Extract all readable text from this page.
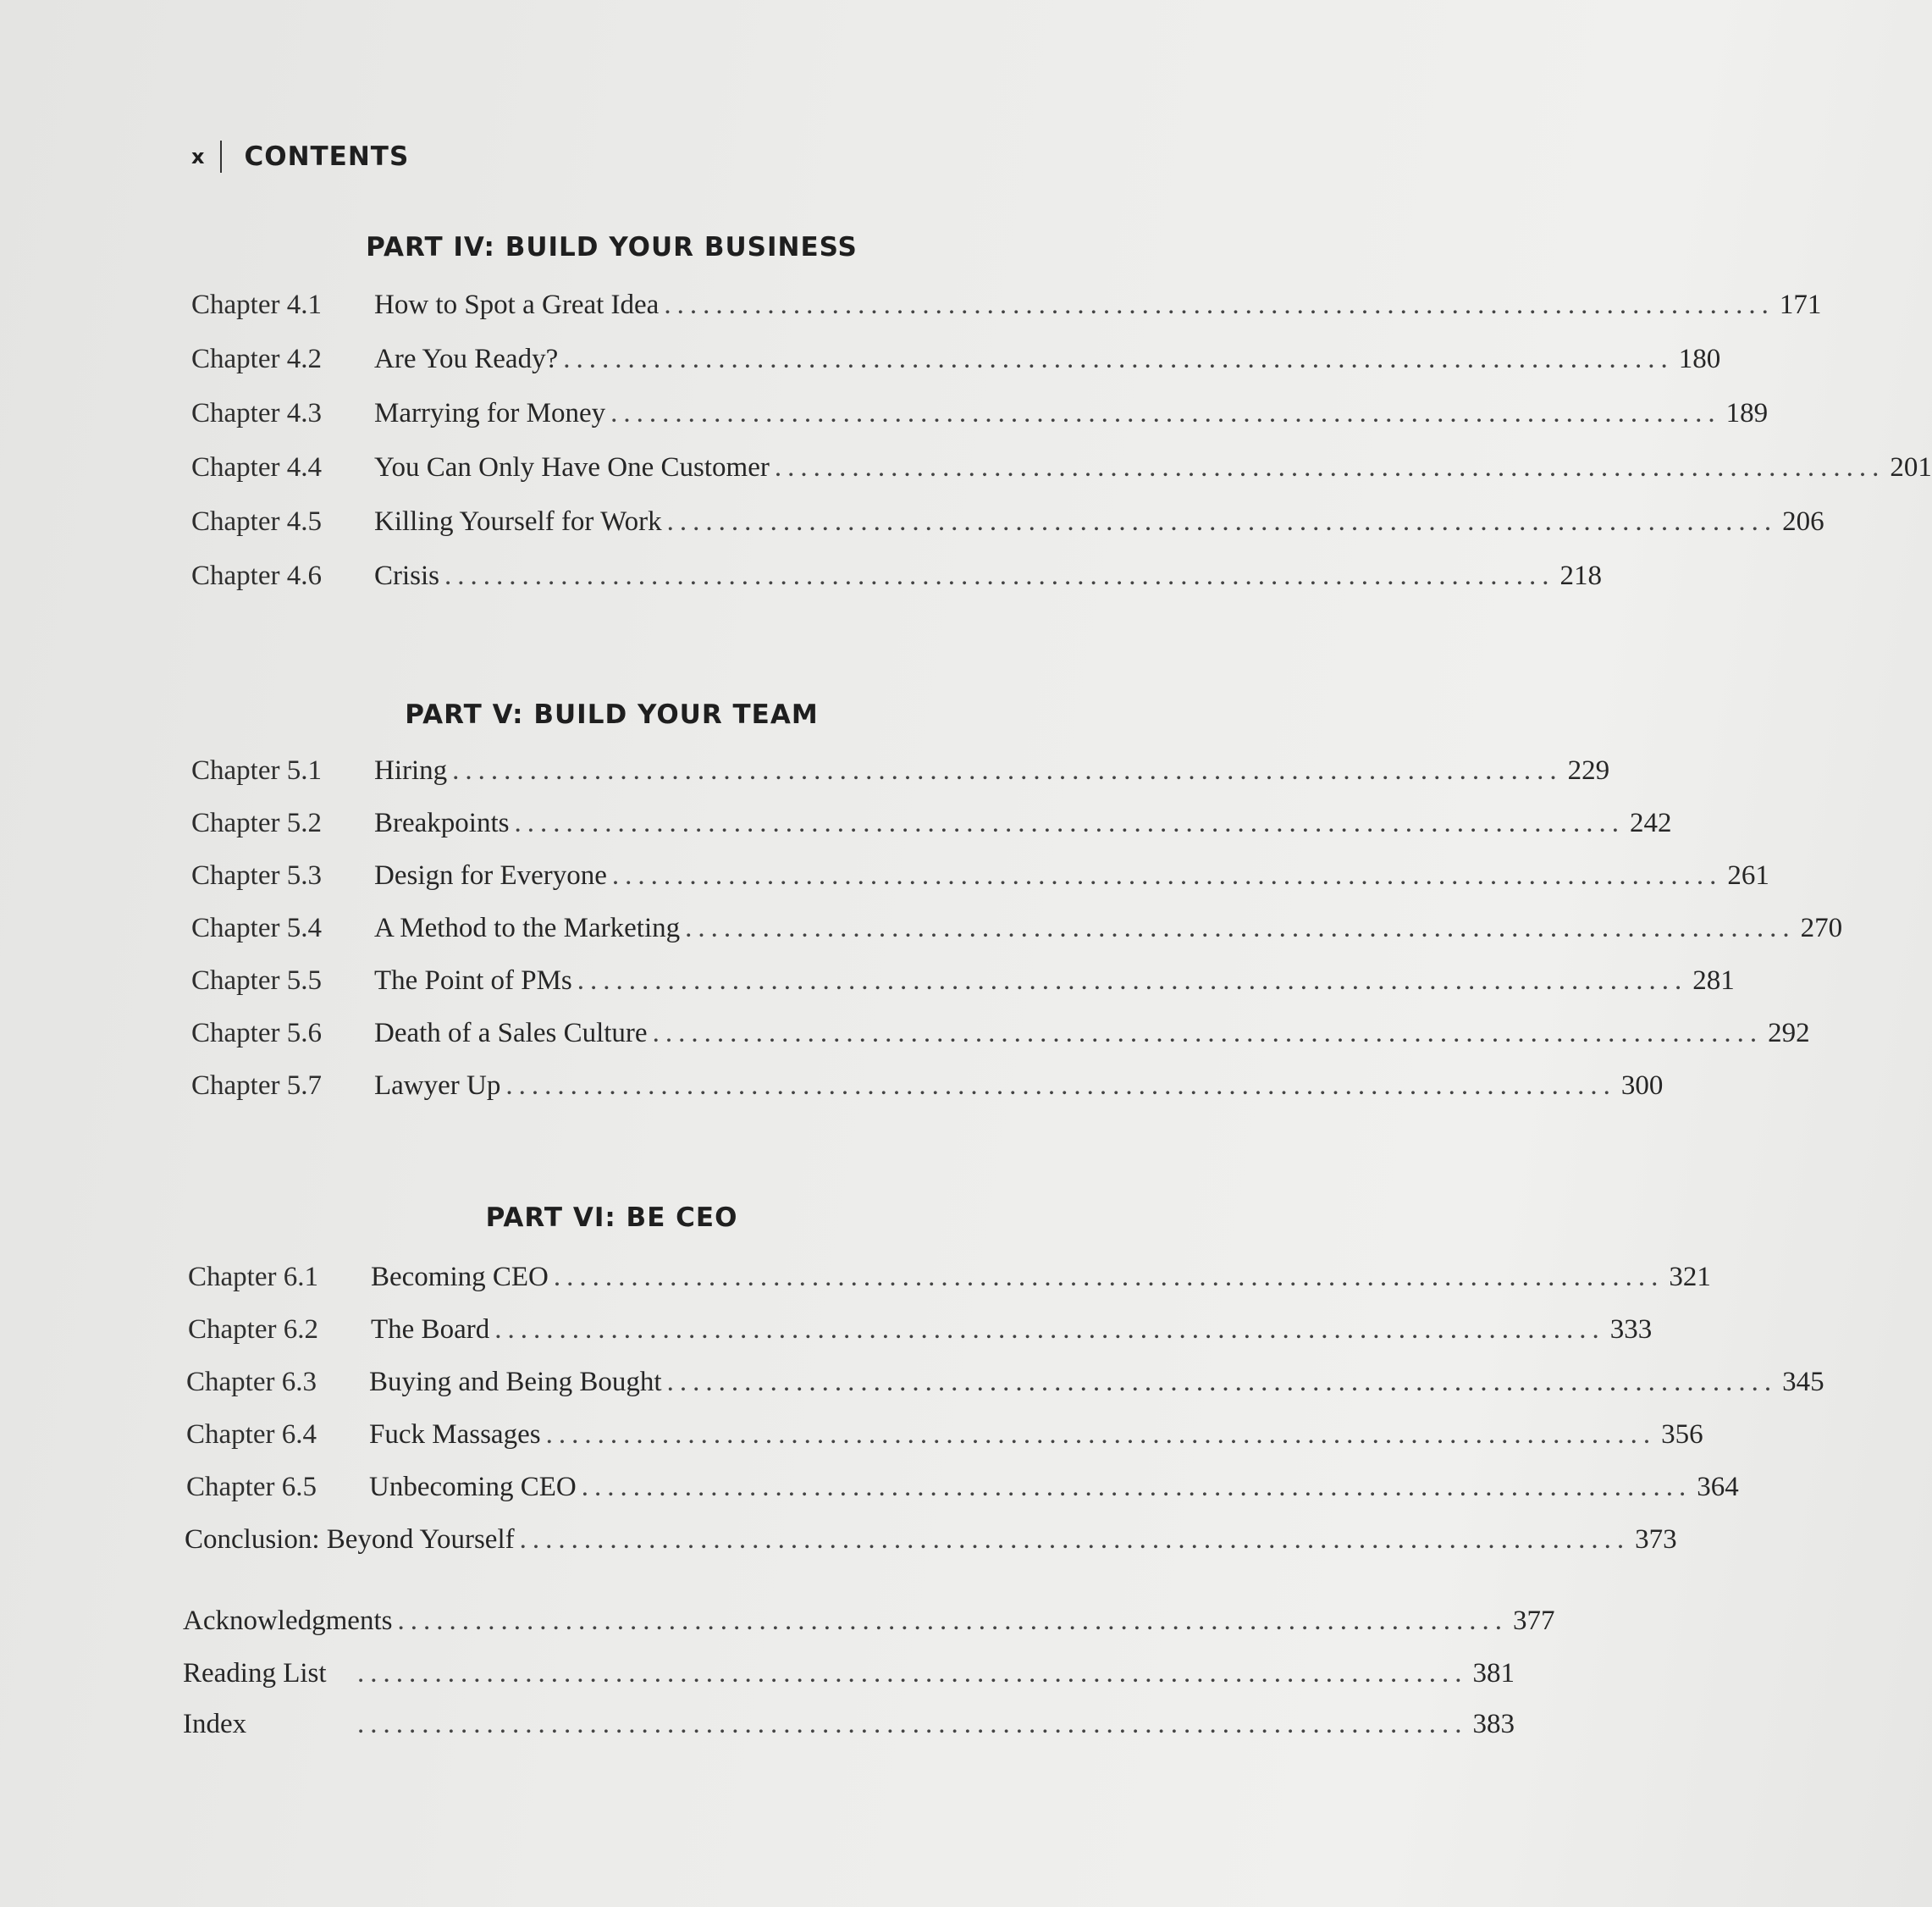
x CONTENTS
PART IV: BUILD YOUR BUSINESS
Chapter 4.1	How to Spot a Great Idea ...................................................................................... 171
Chapter 4.2	Are You Ready? ...................................................................................... 180
Chapter 4.3	Marrying for Money ...................................................................................... 189
Chapter 4.4	You Can Only Have One Customer ...................................................................................... 201
Chapter 4.5	Killing Yourself for Work ...................................................................................... 206
Chapter 4.6	Crisis ...................................................................................... 218
PART V: BUILD YOUR TEAM
Chapter 5.1	Hiring ...................................................................................... 229
Chapter 5.2	Breakpoints ...................................................................................... 242
Chapter 5.3	Design for Everyone ...................................................................................... 261
Chapter 5.4	A Method to the Marketing ...................................................................................... 270
Chapter 5.5	The Point of PMs ...................................................................................... 281
Chapter 5.6	Death of a Sales Culture ...................................................................................... 292
Chapter 5.7	Lawyer Up ...................................................................................... 300
PART VI: BE CEO
Chapter 6.1	Becoming CEO ...................................................................................... 321
Chapter 6.2	The Board ...................................................................................... 333
Chapter 6.3	Buying and Being Bought ...................................................................................... 345
Chapter 6.4	Fuck Massages ...................................................................................... 356
Chapter 6.5	Unbecoming CEO ...................................................................................... 364
Conclusion: Beyond Yourself ...................................................................................... 373
Acknowledgments ...................................................................................... 377
Reading List	...................................................................................... 381
Index	...................................................................................... 383
